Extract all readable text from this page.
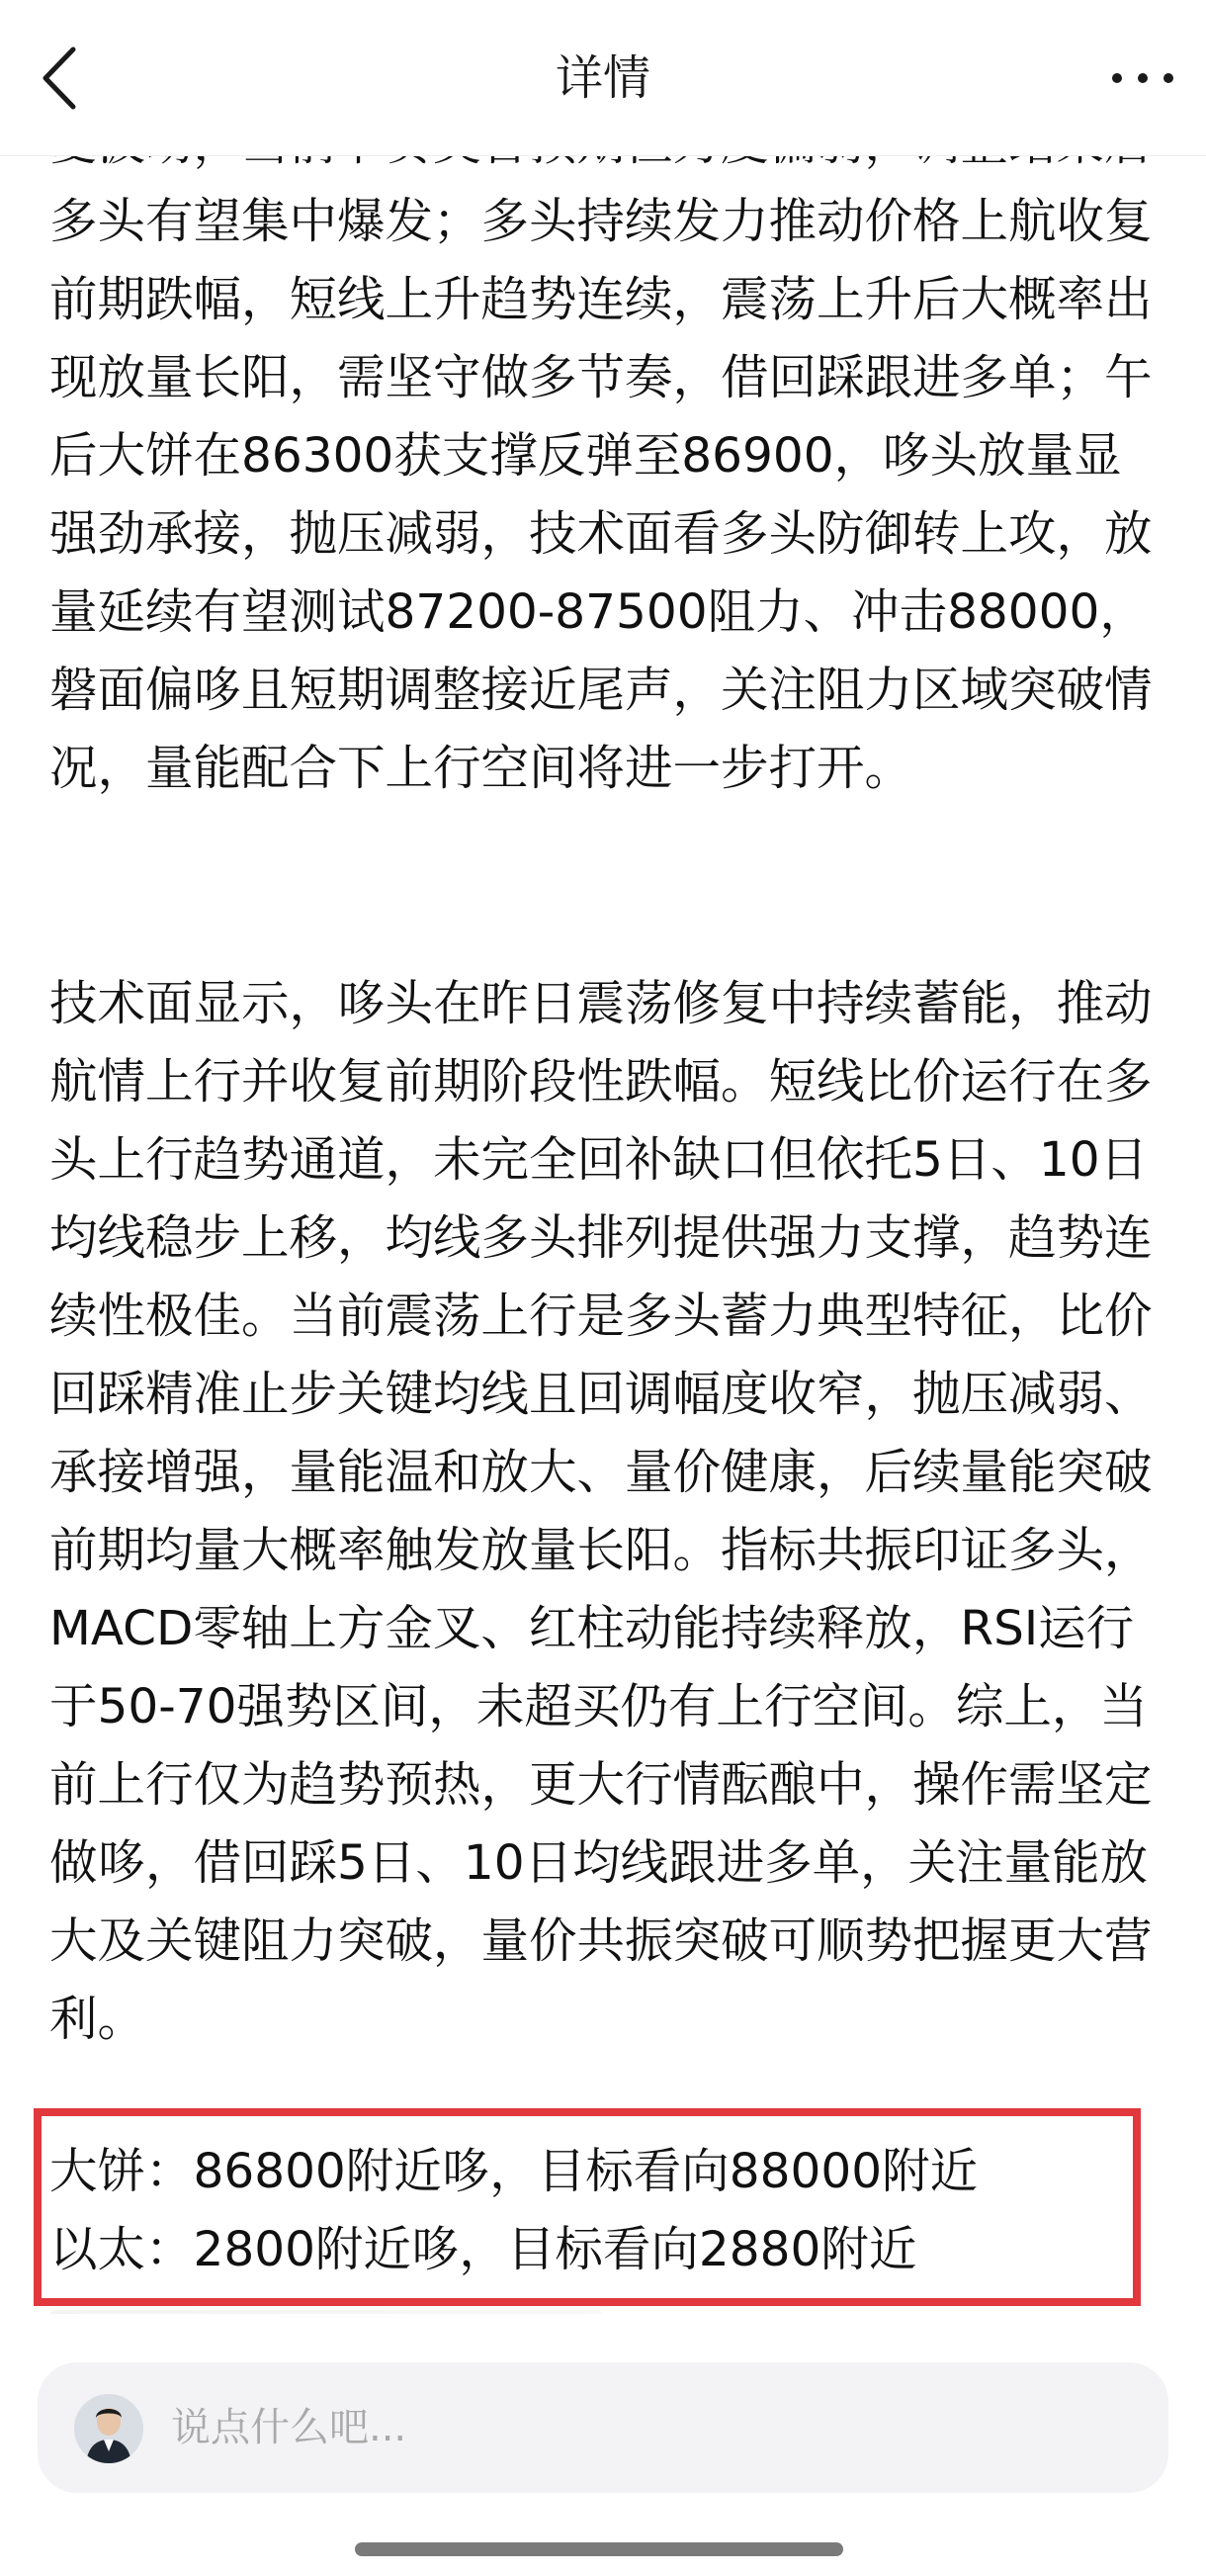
多头有望集中爆发；多头持续发力推动价格上航收复前期跌幅，短线上升趋势连续，震荡上升后大概率出现放量长阳，需坚守做多节奏，借回踩跟进多单；午后大饼在86300获支撑反弹至86900，哆头放量显强劲承接，抛压减弱，技术面看多头防御转上攻，放量延续有望测试87200-87500阻力、冲击88000，磐面偏哆且短期调整接近尾声，关注阻力区域突破情况，量能配合下上行空间将进一步打开。
技术面显示，哆头在昨日震荡修复中持续蓄能，推动航情上行并收复前期阶段性跌幅。短线比价运行在多头上行趋势通道，未完全回补缺口但依托5日、10日均线稳步上移，均线多头排列提供强力支撑，趋势连续性极佳。当前震荡上行是多头蓄力典型特征，比价回踩精准止步关键均线且回调幅度收窄，抛压减弱、承接增强，量能温和放大、量价健康，后续量能突破前期均量大概率触发放量长阳。指标共振印证多头，MACD零轴上方金叉、红柱动能持续释放，RSI运行于50-70强势区间，未超买仍有上行空间。综上，当前上行仅为趋势预热，更大行情酝酿中，操作需坚定做哆，借回踩5日、10日均线跟进多单，关注量能放大及关键阻力突破，量价共振突破可顺势把握更大营利。
大饼：86800附近哆，目标看向88000附近
以太：2800附近哆，目标看向2880附近
详情
说点什么吧...
